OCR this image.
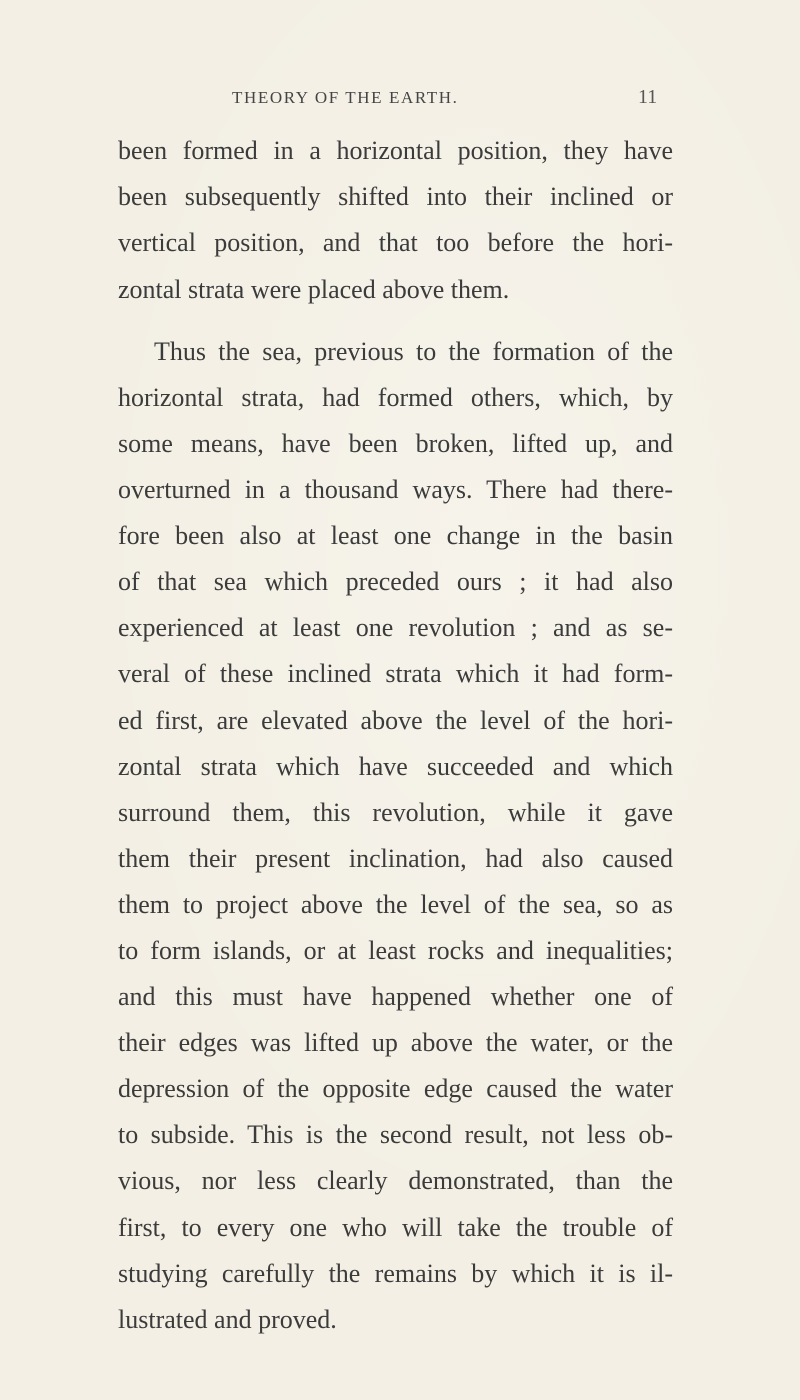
THEORY OF THE EARTH.	11
been formed in a horizontal position, they have
been subsequently shifted into their inclined or
vertical position, and that too before the hori-
zontal strata were placed above them.
Thus the sea, previous to the formation of the
horizontal strata, had formed others, which, by
some means, have been broken, lifted up, and
overturned in a thousand ways. There had there-
fore been also at least one change in the basin
of that sea which preceded ours ; it had also
experienced at least one revolution ; and as se-
veral of these inclined strata which it had form-
ed first, are elevated above the level of the hori-
zontal strata which have succeeded and which
surround them, this revolution, while it gave
them their present inclination, had also caused
them to project above the level of the sea, so as
to form islands, or at least rocks and inequalities;
and this must have happened whether one of
their edges was lifted up above the water, or the
depression of the opposite edge caused the water
to subside. This is the second result, not less ob-
vious, nor less clearly demonstrated, than the
first, to every one who will take the trouble of
studying carefully the remains by which it is il-
lustrated and proved.
